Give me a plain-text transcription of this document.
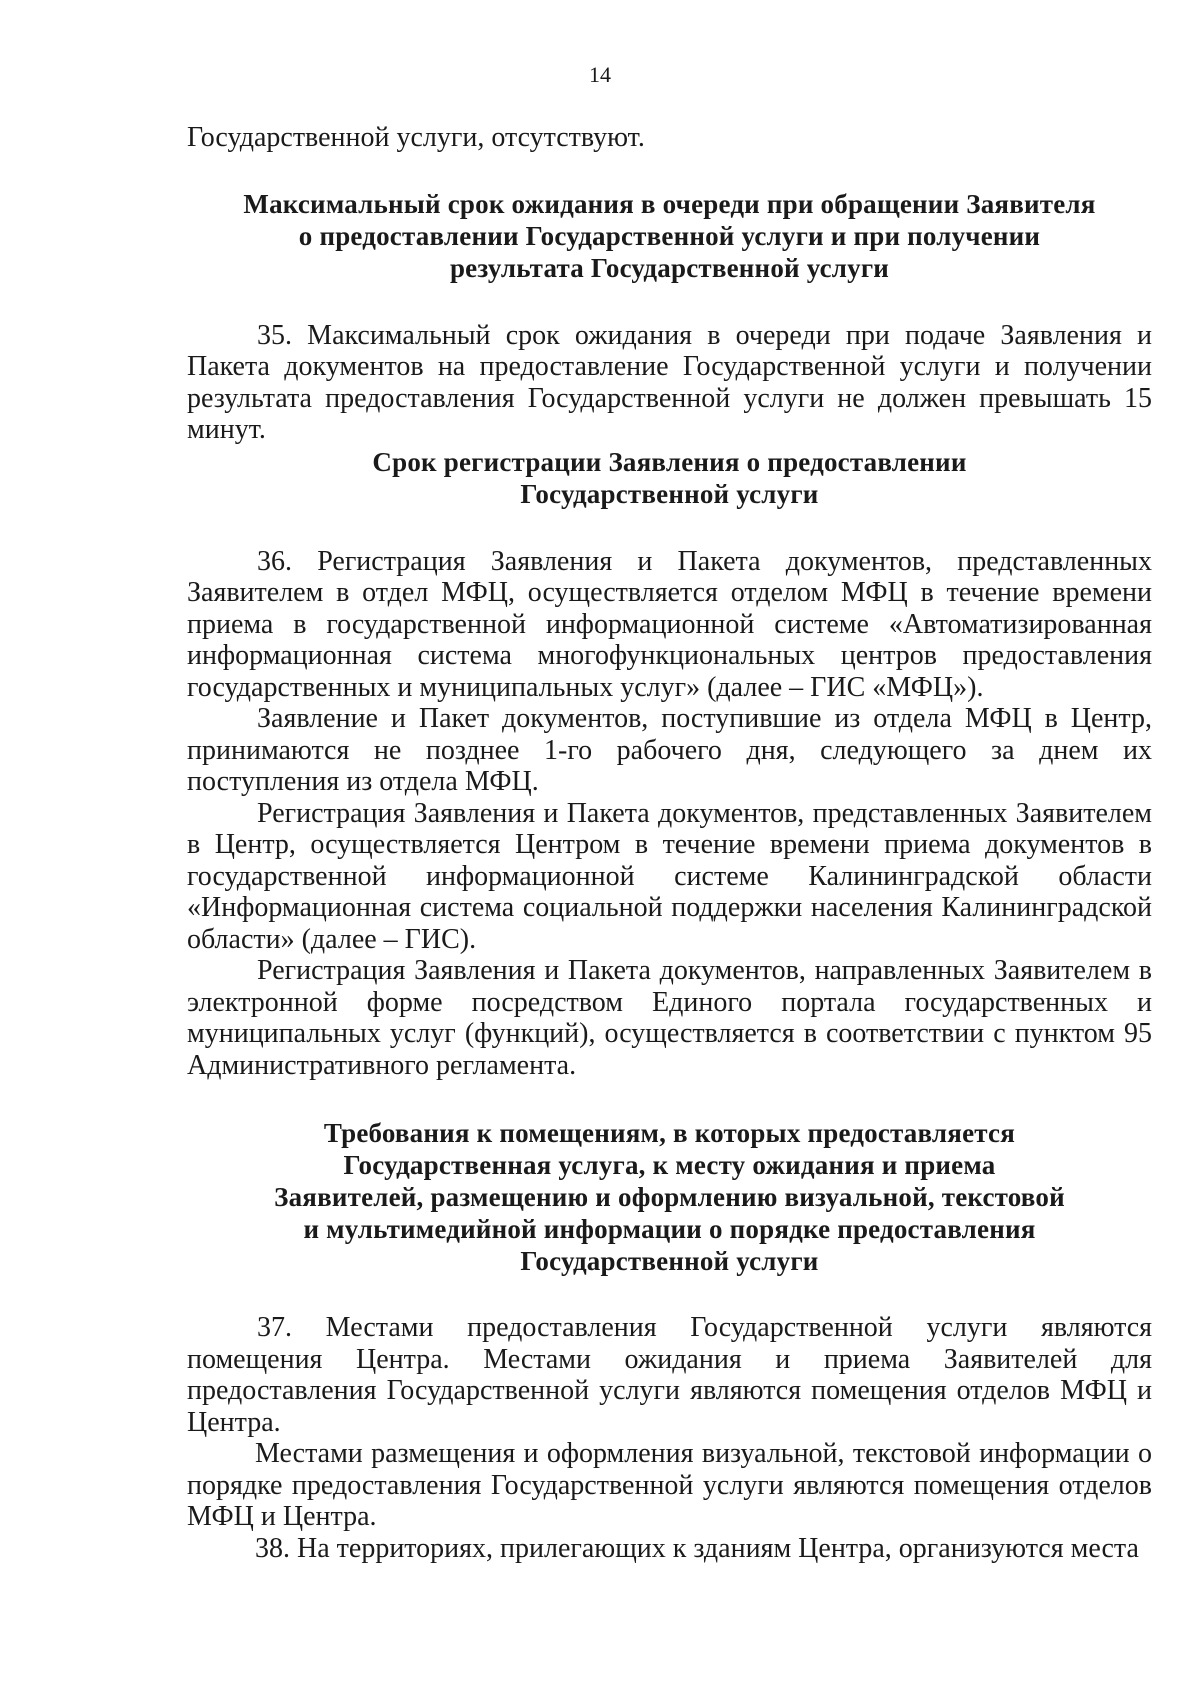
14

Государственной услуги, отсутствуют.

Максимальный срок ожидания в очереди при обращении Заявителя
о предоставлении Государственной услуги и при получении
результата Государственной услуги

35. Максимальный срок ожидания в очереди при подаче Заявления и Пакета документов на предоставление Государственной услуги и получении результата предоставления Государственной услуги не должен превышать 15 минут.

Срок регистрации Заявления о предоставлении
Государственной услуги

36. Регистрация Заявления и Пакета документов, представленных Заявителем в отдел МФЦ, осуществляется отделом МФЦ в течение времени приема в государственной информационной системе «Автоматизированная информационная система многофункциональных центров предоставления государственных и муниципальных услуг» (далее – ГИС «МФЦ»).

Заявление и Пакет документов, поступившие из отдела МФЦ в Центр, принимаются не позднее 1-го рабочего дня, следующего за днем их поступления из отдела МФЦ.

Регистрация Заявления и Пакета документов, представленных Заявителем в Центр, осуществляется Центром в течение времени приема документов в государственной информационной системе Калининградской области «Информационная система социальной поддержки населения Калининградской области» (далее – ГИС).

Регистрация Заявления и Пакета документов, направленных Заявителем в электронной форме посредством Единого портала государственных и муниципальных услуг (функций), осуществляется в соответствии с пунктом 95 Административного регламента.

Требования к помещениям, в которых предоставляется
Государственная услуга, к месту ожидания и приема
Заявителей, размещению и оформлению визуальной, текстовой
и мультимедийной информации о порядке предоставления
Государственной услуги

37. Местами предоставления Государственной услуги являются помещения Центра. Местами ожидания и приема Заявителей для предоставления Государственной услуги являются помещения отделов МФЦ и Центра.

Местами размещения и оформления визуальной, текстовой информации о порядке предоставления Государственной услуги являются помещения отделов МФЦ и Центра.

38. На территориях, прилегающих к зданиям Центра, организуются места
